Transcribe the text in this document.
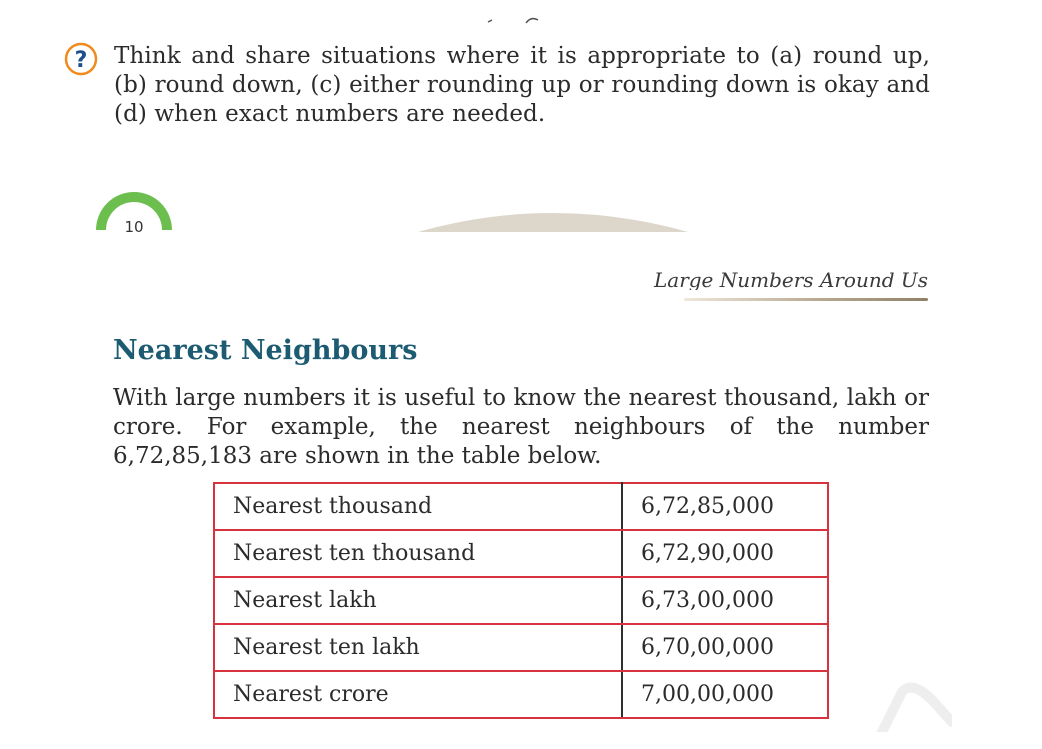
? Think and share situations where it is appropriate to (a) round up, (b) round down, (c) either rounding up or rounding down is okay and (d) when exact numbers are needed.
10
Large Numbers Around Us
Nearest Neighbours
With large numbers it is useful to know the nearest thousand, lakh or crore. For example, the nearest neighbours of the number 6,72,85,183 are shown in the table below.
Nearest thousand	6,72,85,000
Nearest ten thousand	6,72,90,000
Nearest lakh	6,73,00,000
Nearest ten lakh	6,70,00,000
Nearest crore	7,00,00,000
